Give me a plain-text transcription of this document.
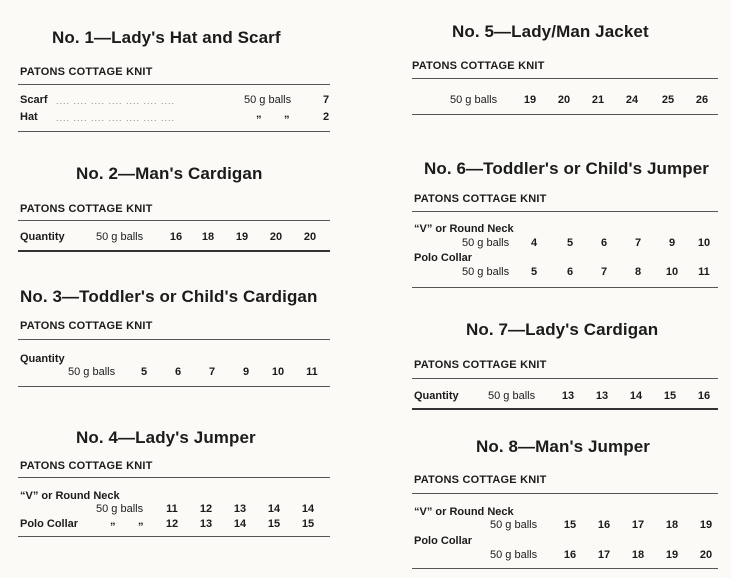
No. 1—Lady's Hat and Scarf
PATONS COTTAGE KNIT
Scarf .... .... .... .... .... .... ....	50 g balls	7
Hat .... .... .... .... .... .... ....	„ „	2
No. 2—Man's Cardigan
PATONS COTTAGE KNIT
Quantity	50 g balls	16	18	19	20	20
No. 3—Toddler's or Child's Cardigan
PATONS COTTAGE KNIT
Quantity
50 g balls	5	6	7	9	10	11
No. 4—Lady's Jumper
PATONS COTTAGE KNIT
“V” or Round Neck
50 g balls	11	12	13	14	14
Polo Collar	„ „	12	13	14	15	15
No. 5—Lady/Man Jacket
PATONS COTTAGE KNIT
50 g balls	19	20	21	24	25	26
No. 6—Toddler's or Child's Jumper
PATONS COTTAGE KNIT
“V” or Round Neck
50 g balls	4	5	6	7	9	10
Polo Collar
50 g balls	5	6	7	8	10	11
No. 7—Lady's Cardigan
PATONS COTTAGE KNIT
Quantity	50 g balls	13	13	14	15	16
No. 8—Man's Jumper
PATONS COTTAGE KNIT
“V” or Round Neck
50 g balls	15	16	17	18	19
Polo Collar
50 g balls	16	17	18	19	20
